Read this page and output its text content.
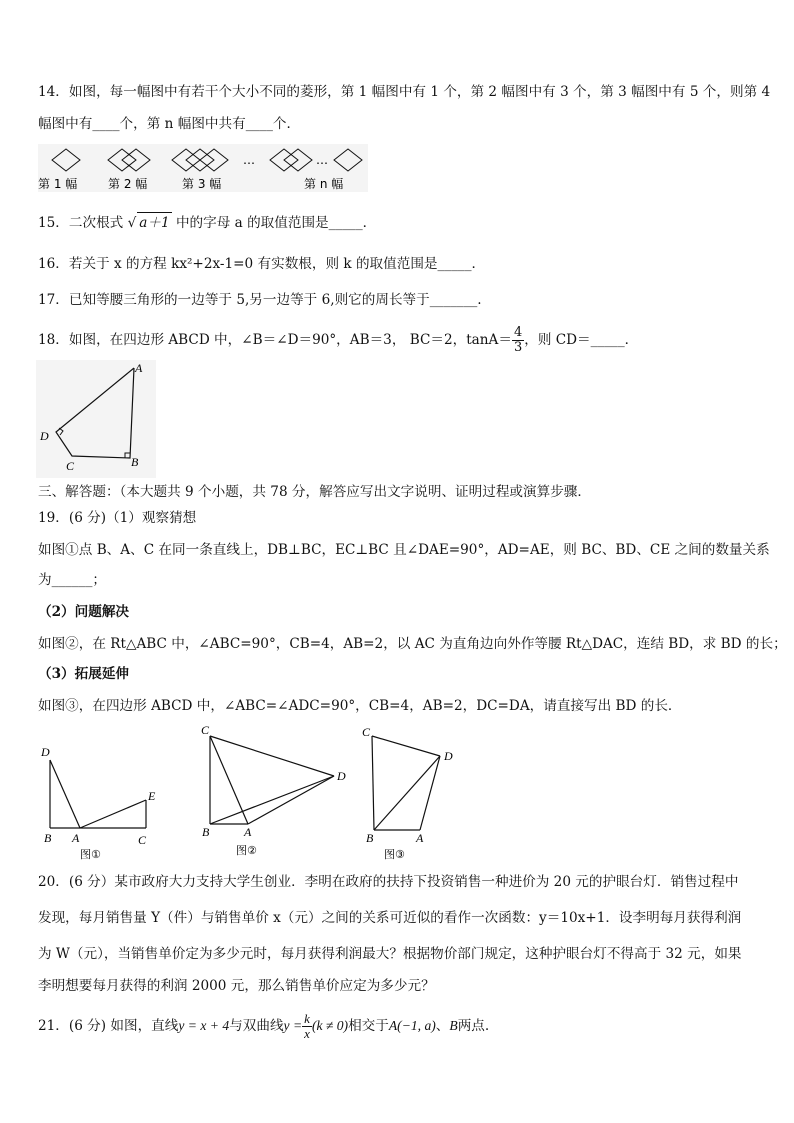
14．如图，每一幅图中有若干个大小不同的菱形，第 1 幅图中有 1 个，第 2 幅图中有 3 个，第 3 幅图中有 5 个，则第 4
幅图中有____个，第 n 幅图中共有____个．
…	…
第 1 幅	第 2 幅	第 3 幅	第 n 幅
15．二次根式 √ a＋1 中的字母 a 的取值范围是_____．
16．若关于 x 的方程 kx²+2x-1=0 有实数根，则 k 的取值范围是_____．
17．已知等腰三角形的一边等于 5,另一边等于 6,则它的周长等于_______.
18．如图，在四边形 ABCD 中，∠B＝∠D＝90°，AB＝3， BC＝2，$\tan A= \frac{4}{3}$ ，则 CD＝_____．
A
B
C
D
三、解答题：（本大题共 9 个小题，共 78 分，解答应写出文字说明、证明过程或演算步骤．
19．(6 分)（1）观察猜想
如图①点 B、A、C 在同一条直线上，DB⊥BC，EC⊥BC 且∠DAE=90°，AD=AE，则 BC、BD、CE 之间的数量关系
为______；
（2）问题解决
如图②，在 Rt△ABC 中，∠ABC=90°，CB=4，AB=2，以 AC 为直角边向外作等腰 Rt△DAC，连结 BD，求 BD 的长；
（3）拓展延伸
如图③，在四边形 ABCD 中，∠ABC=∠ADC=90°，CB=4，AB=2，DC=DA，请直接写出 BD 的长．
D
E
B A	C
图①
C
D
B	A
图②
C
D
B	A
图③
20．(6 分）某市政府大力支持大学生创业．李明在政府的扶持下投资销售一种进价为 20 元的护眼台灯．销售过程中
发现，每月销售量 Y（件）与销售单价 x（元）之间的关系可近似的看作一次函数：y＝10x+1．设李明每月获得利润
为 W（元），当销售单价定为多少元时，每月获得利润最大？根据物价部门规定，这种护眼台灯不得高于 32 元，如果
李明想要每月获得的利润 2000 元，那么销售单价应定为多少元？
21．(6 分) 如图，直线y = x + 4与双曲线$y = \frac{k}{x} (k \ne 0)$相交于A(−1, a)、B两点.
